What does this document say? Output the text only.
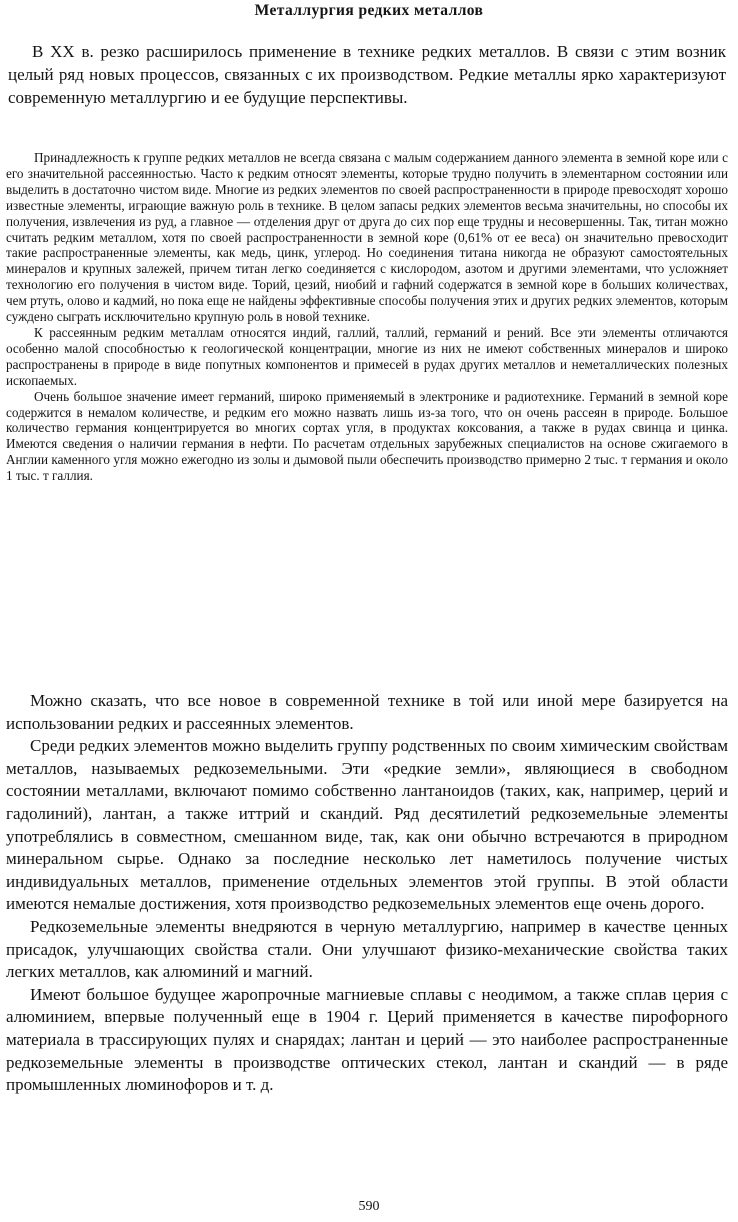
Металлургия редких металлов

В XX в. резко расширилось применение в технике редких металлов. В связи с этим возник целый ряд новых процессов, связанных с их производством. Редкие металлы ярко характеризуют современную металлургию и ее будущие перспективы.

Принадлежность к группе редких металлов не всегда связана с малым содержанием данного элемента в земной коре или с его значительной рассеянностью. Часто к редким относят элементы, которые трудно получить в элементарном состоянии или выделить в достаточно чистом виде. Многие из редких элементов по своей распространенности в природе превосходят хорошо известные элементы, играющие важную роль в технике. В целом запасы редких элементов весьма значительны, но способы их получения, извлечения из руд, а главное — отделения друг от друга до сих пор еще трудны и несовершенны. Так, титан можно считать редким металлом, хотя по своей распространенности в земной коре (0,61% от ее веса) он значительно превосходит такие распространенные элементы, как медь, цинк, углерод. Но соединения титана никогда не образуют самостоятельных минералов и крупных залежей, причем титан легко соединяется с кислородом, азотом и другими элементами, что усложняет технологию его получения в чистом виде. Торий, цезий, ниобий и гафний содержатся в земной коре в больших количествах, чем ртуть, олово и кадмий, но пока еще не найдены эффективные способы получения этих и других редких элементов, которым суждено сыграть исключительно крупную роль в новой технике.

К рассеянным редким металлам относятся индий, галлий, таллий, германий и рений. Все эти элементы отличаются особенно малой способностью к геологической концентрации, многие из них не имеют собственных минералов и широко распространены в природе в виде попутных компонентов и примесей в рудах других металлов и неметаллических полезных ископаемых.

Очень большое значение имеет германий, широко применяемый в электронике и радиотехнике. Германий в земной коре содержится в немалом количестве, и редким его можно назвать лишь из-за того, что он очень рассеян в природе. Большое количество германия концентрируется во многих сортах угля, в продуктах коксования, а также в рудах свинца и цинка. Имеются сведения о наличии германия в нефти. По расчетам отдельных зарубежных специалистов на основе сжигаемого в Англии каменного угля можно ежегодно из золы и дымовой пыли обеспечить производство примерно 2 тыс. т германия и около 1 тыс. т галлия.

Можно сказать, что все новое в современной технике в той или иной мере базируется на использовании редких и рассеянных элементов.

Среди редких элементов можно выделить группу родственных по своим химическим свойствам металлов, называемых редкоземельными. Эти «редкие земли», являющиеся в свободном состоянии металлами, включают помимо собственно лантаноидов (таких, как, например, церий и гадолиний), лантан, а также иттрий и скандий. Ряд десятилетий редкоземельные элементы употреблялись в совместном, смешанном виде, так, как они обычно встречаются в природном минеральном сырье. Однако за последние несколько лет наметилось получение чистых индивидуальных металлов, применение отдельных элементов этой группы. В этой области имеются немалые достижения, хотя производство редкоземельных элементов еще очень дорого.

Редкоземельные элементы внедряются в черную металлургию, например в качестве ценных присадок, улучшающих свойства стали. Они улучшают физико-механические свойства таких легких металлов, как алюминий и магний.

Имеют большое будущее жаропрочные магниевые сплавы с неодимом, а также сплав церия с алюминием, впервые полученный еще в 1904 г. Церий применяется в качестве пирофорного материала в трассирующих пулях и снарядах; лантан и церий — это наиболее распространенные редкоземельные элементы в производстве оптических стекол, лантан и скандий — в ряде промышленных люминофоров и т. д.

590
